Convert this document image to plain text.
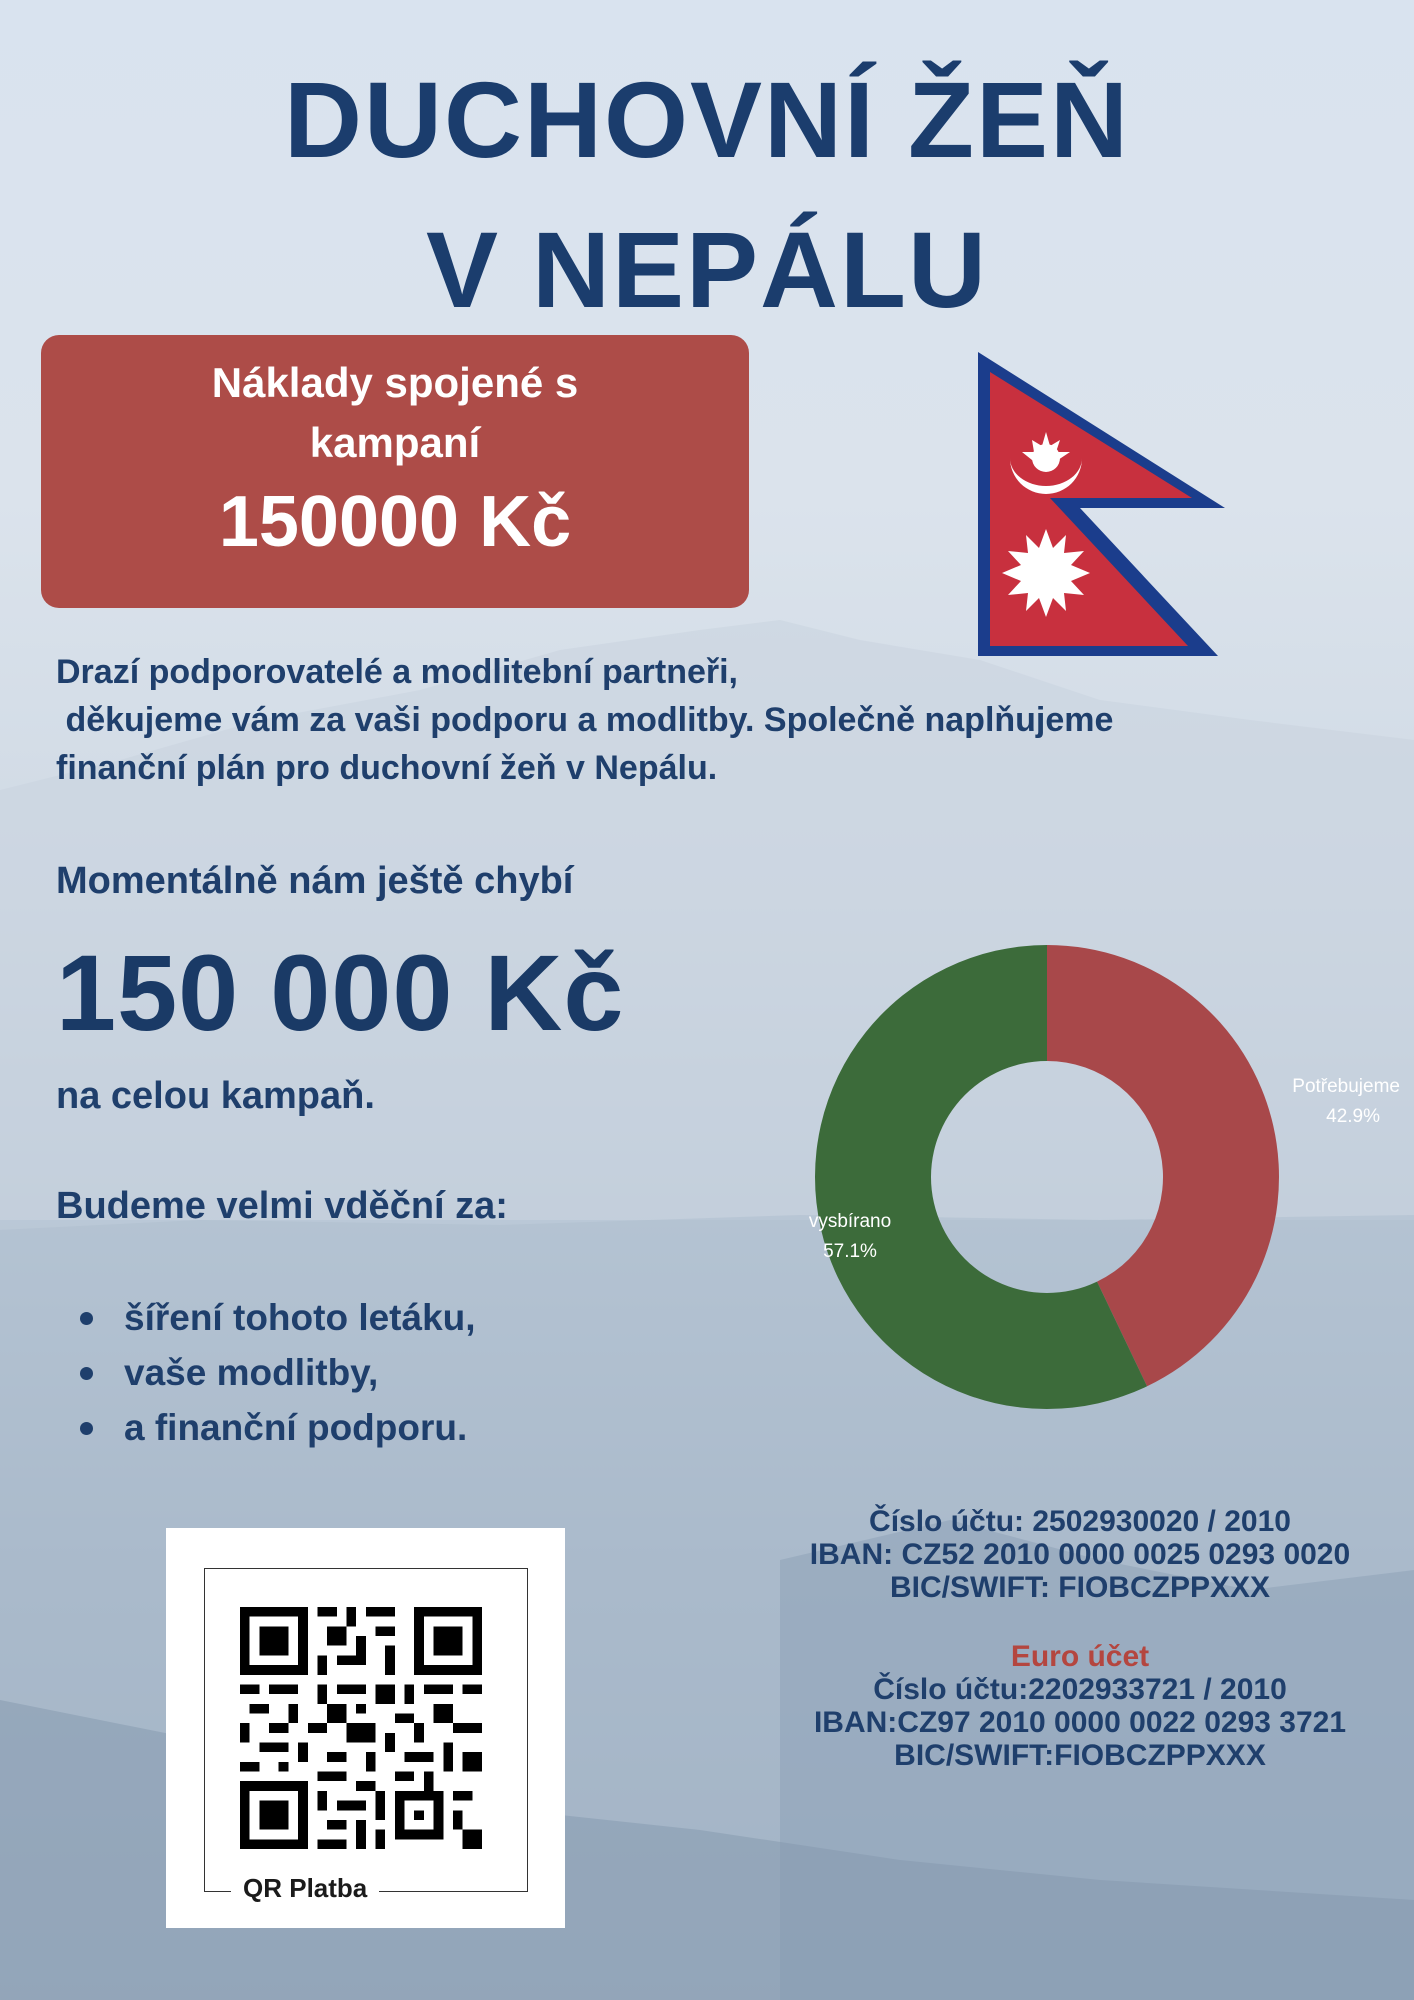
DUCHOVNÍ ŽEŇ
V NEPÁLU
Náklady spojené s kampaní
150000 Kč
Drazí podporovatelé a modlitební partneři,
děkujeme vám za vaši podporu a modlitby. Společně naplňujeme
finanční plán pro duchovní žeň v Nepálu.
Momentálně nám ještě chybí
150 000 Kč
na celou kampaň.
Budeme velmi vděční za:
šíření tohoto letáku,
vaše modlitby,
a finanční podporu.
Potřebujeme
42.9%
vysbírano
57.1%
QR Platba
Číslo účtu: 2502930020 / 2010
IBAN: CZ52 2010 0000 0025 0293 0020
BIC/SWIFT: FIOBCZPPXXX
Euro účet
Číslo účtu:2202933721 / 2010
IBAN:CZ97 2010 0000 0022 0293 3721
BIC/SWIFT:FIOBCZPPXXX
